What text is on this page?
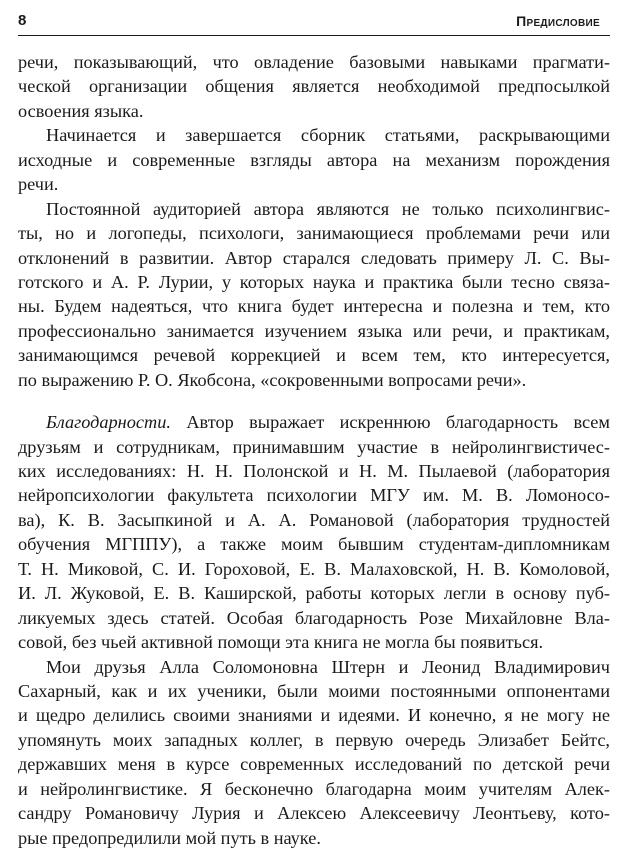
8	Предисловие
речи, показывающий, что овладение базовыми навыками прагмати-
ческой организации общения является необходимой предпосылкой
освоения языка.
Начинается и завершается сборник статьями, раскрывающими
исходные и современные взгляды автора на механизм порождения
речи.
Постоянной аудиторией автора являются не только психолингвис-
ты, но и логопеды, психологи, занимающиеся проблемами речи или
отклонений в развитии. Автор старался следовать примеру Л. С. Вы-
готского и А. Р. Лурии, у которых наука и практика были тесно связа-
ны. Будем надеяться, что книга будет интересна и полезна и тем, кто
профессионально занимается изучением языка или речи, и практикам,
занимающимся речевой коррекцией и всем тем, кто интересуется,
по выражению Р. О. Якобсона, «сокровенными вопросами речи».
Благодарности. Автор выражает искреннюю благодарность всем
друзьям и сотрудникам, принимавшим участие в нейролингвистичес-
ких исследованиях: Н. Н. Полонской и Н. М. Пылаевой (лаборатория
нейропсихологии факультета психологии МГУ им. М. В. Ломоносо-
ва), К. В. Засыпкиной и А. А. Романовой (лаборатория трудностей
обучения МГППУ), а также моим бывшим студентам-дипломникам
Т. Н. Миковой, С. И. Гороховой, Е. В. Малаховской, Н. В. Комоловой,
И. Л. Жуковой, Е. В. Каширской, работы которых легли в основу пуб-
ликуемых здесь статей. Особая благодарность Розе Михайловне Вла-
совой, без чьей активной помощи эта книга не могла бы появиться.
Мои друзья Алла Соломоновна Штерн и Леонид Владимирович
Сахарный, как и их ученики, были моими постоянными оппонентами
и щедро делились своими знаниями и идеями. И конечно, я не могу не
упомянуть моих западных коллег, в первую очередь Элизабет Бейтс,
державших меня в курсе современных исследований по детской речи
и нейролингвистике. Я бесконечно благодарна моим учителям Алек-
сандру Романовичу Лурия и Алексею Алексеевичу Леонтьеву, кото-
рые предопредилили мой путь в науке.
